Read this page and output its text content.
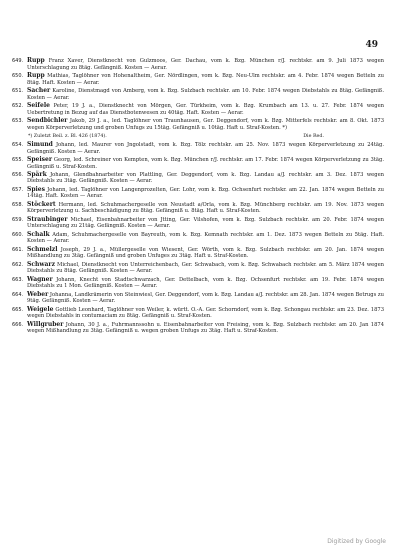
49
649. Rupp Franz Xaver, Dienstknecht von Gulzmoos, Ger. Dachau, vom k. Bzg. München r/J. rechtskr. am 9. Juli 1873 wegen Unterschlagung zu 8täg. Gefängniß. Kosten — Aerar.
650. Rupp Mathias, Taglöhner von Hohenaltheim, Ger. Nördlingen, vom k. Bzg. Neu-Ulm rechtskr. am 4. Febr. 1874 wegen Betteln zu 8täg. Haft. Kosten — Aerar.
651. Sacher Karoline, Dienstmagd von Amberg, vom k. Bzg. Sulzbach rechtskr. am 10. Febr. 1874 wegen Diebstahls zu 8täg. Gefängniß. Kosten — Aerar.
652. Seifele Peter, 19 J. a., Dienstknecht von Mörgen, Ger. Türkheim, vom k. Bzg. Krumbach am 13. u. 27. Febr. 1874 wegen Uebertretung in Bezug auf das Dienstbotenwesen zu 40täg. Haft. Kosten — Aerar.
653. Sendbichler Jakob, 29 J. a., led. Taglöhner von Traunhausen, Ger. Deggendorf, vom k. Bzg. Mitterfels rechtskr. am 8. Okt. 1873 wegen Körperverletzung und groben Unfugs zu 15täg. Gefängniß u. 10täg. Haft u. Straf-Kosten. *)
*) Zuletzt Beil. z. Bl. 426 (1874).	Die Red.
654. Simund Johann, led. Maurer von Jngolstadt, vom k. Bzg. Tölz rechtskr. am 25. Nov. 1873 wegen Körperverletzung zu 24täg. Gefängniß. Kosten — Aerar.
655. Speiser Georg, led. Schreiner von Kempten, vom k. Bzg. München r/J. rechtskr. am 17. Febr. 1874 wegen Körperverletzung zu 3täg. Gefängniß u. Straf-Kosten.
656. Spärk Johann, Glendbahnarbeiter von Plattling, Ger. Deggendorf, vom k. Bzg. Landau a/J. rechtskr. am 3. Dez. 1873 wegen Diebstahls zu 3täg. Gefängniß. Kosten — Aerar.
657. Spies Johann, led. Taglöhner von Langenprozelten, Ger. Lohr, vom k. Bzg. Ochsenfurt rechtskr. am 22. Jan. 1874 wegen Betteln zu 14täg. Haft. Kosten — Aerar.
658. Stöckert Hermann, led. Schuhmachergeselle von Neustadt a/Orla, vom k. Bzg. Münchberg rechtskr. am 19. Nov. 1873 wegen Körperverletzung u. Sachbeschädigung zu 8täg. Gefängniß u. 8täg. Haft u. Straf-Kosten.
659. Straubinger Michael, Eisenbahnarbeiter von Jtting, Ger. Vilshofen, vom k. Bzg. Sulzbach rechtskr. am 20. Febr. 1874 wegen Unterschlagung zu 21täg. Gefängniß. Kosten — Aerar.
660. Schalk Adam, Schuhmachergeselle von Bayreuth, vom k. Bzg. Kemnath rechtskr. am 1. Dez. 1873 wegen Betteln zu 5täg. Haft. Kosten — Aerar.
661. Schmelzl Joseph, 29 J. a., Müllergeselle von Wiesent, Ger. Wörth, vom k. Bzg. Sulzbach rechtskr. am 20. Jan. 1874 wegen Mißhandlung zu 3täg. Gefängniß und groben Unfuges zu 3täg. Haft u. Straf-Kosten.
662. Schwarz Michael, Dienstknecht von Unterreichenbach, Ger. Schwabach, vom k. Bzg. Schwabach rechtskr. am 5. März 1874 wegen Diebstahls zu 8täg. Gefängniß. Kosten — Aerar.
663. Wagner Johann, Knecht von Stadtschwarzach, Ger. Dettelbach, vom k. Bzg. Ochsenfurt rechtskr. am 19. Febr. 1874 wegen Diebstahls zu 1 Mon. Gefängniß. Kosten — Aerar.
664. Weber Johanna, Landkrämerin von Steinwiesl, Ger. Deggendorf, vom k. Bzg. Landau a/J. rechtskr. am 28. Jan. 1874 wegen Betrugs zu 9täg. Gefängniß. Kosten — Aerar.
665. Weigele Gottlieb Leonhard, Taglöhner von Weiler, k. württ. O.-A. Ger. Schorndorf, vom k. Bzg. Schongau rechtskr. am 23. Dez. 1873 wegen Diebstahls in contumaciam zu 8täg. Gefängniß u. Straf-Kosten.
666. Willgruber Johann, 30 J. a., Fuhrmannssohn u. Eisenbahnarbeiter von Freising, vom k. Bzg. Sulzbach rechtskr. am 20. Jan 1874 wegen Mißhandlung zu 3täg. Gefängniß u. wegen groben Unfugs zu 3täg. Haft u. Straf-Kosten.
Digitized by Google
